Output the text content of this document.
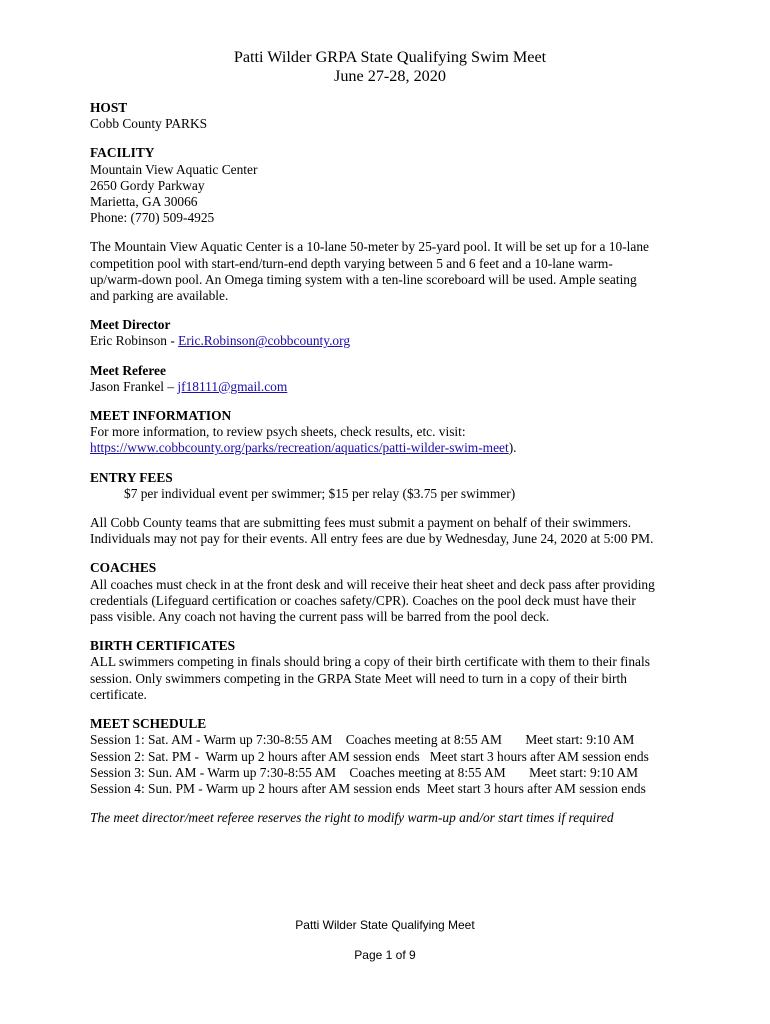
Patti Wilder GRPA State Qualifying Swim Meet
June 27-28, 2020
HOST
Cobb County PARKS
FACILITY
Mountain View Aquatic Center
2650 Gordy Parkway
Marietta, GA 30066
Phone: (770) 509-4925
The Mountain View Aquatic Center is a 10-lane 50-meter by 25-yard pool. It will be set up for a 10-lane
competition pool with start-end/turn-end depth varying between 5 and 6 feet and a 10-lane warm-
up/warm-down pool. An Omega timing system with a ten-line scoreboard will be used. Ample seating
and parking are available.
Meet Director
Eric Robinson - Eric.Robinson@cobbcounty.org
Meet Referee
Jason Frankel – jf18111@gmail.com
MEET INFORMATION
For more information, to review psych sheets, check results, etc. visit:
https://www.cobbcounty.org/parks/recreation/aquatics/patti-wilder-swim-meet).
ENTRY FEES
$7 per individual event per swimmer; $15 per relay ($3.75 per swimmer)
All Cobb County teams that are submitting fees must submit a payment on behalf of their swimmers.
Individuals may not pay for their events. All entry fees are due by Wednesday, June 24, 2020 at 5:00 PM.
COACHES
All coaches must check in at the front desk and will receive their heat sheet and deck pass after providing
credentials (Lifeguard certification or coaches safety/CPR). Coaches on the pool deck must have their
pass visible. Any coach not having the current pass will be barred from the pool deck.
BIRTH CERTIFICATES
ALL swimmers competing in finals should bring a copy of their birth certificate with them to their finals
session. Only swimmers competing in the GRPA State Meet will need to turn in a copy of their birth
certificate.
MEET SCHEDULE
Session 1: Sat. AM - Warm up 7:30-8:55 AM    Coaches meeting at 8:55 AM       Meet start: 9:10 AM
Session 2: Sat. PM -  Warm up 2 hours after AM session ends   Meet start 3 hours after AM session ends
Session 3: Sun. AM - Warm up 7:30-8:55 AM    Coaches meeting at 8:55 AM       Meet start: 9:10 AM
Session 4: Sun. PM - Warm up 2 hours after AM session ends  Meet start 3 hours after AM session ends
The meet director/meet referee reserves the right to modify warm-up and/or start times if required
Patti Wilder State Qualifying Meet
Page 1 of 9
